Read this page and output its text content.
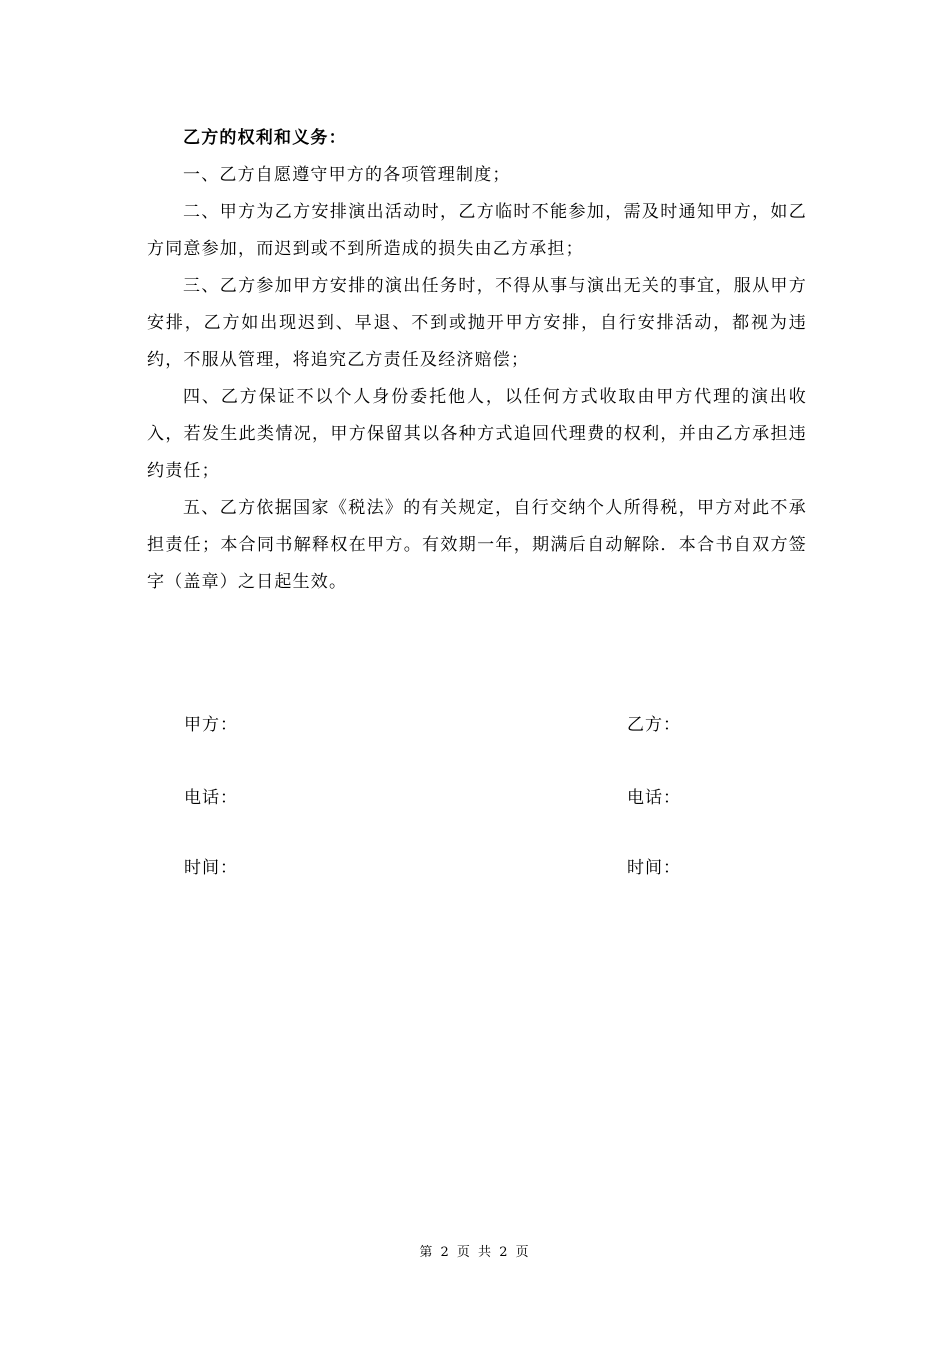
乙方的权利和义务：

一、乙方自愿遵守甲方的各项管理制度；

二、甲方为乙方安排演出活动时，乙方临时不能参加，需及时通知甲方，如乙方同意参加，而迟到或不到所造成的损失由乙方承担；

三、乙方参加甲方安排的演出任务时，不得从事与演出无关的事宜，服从甲方安排，乙方如出现迟到、早退、不到或抛开甲方安排，自行安排活动，都视为违约，不服从管理，将追究乙方责任及经济赔偿；

四、乙方保证不以个人身份委托他人，以任何方式收取由甲方代理的演出收入，若发生此类情况，甲方保留其以各种方式追回代理费的权利，并由乙方承担违约责任；

五、乙方依据国家《税法》的有关规定，自行交纳个人所得税，甲方对此不承担责任；本合同书解释权在甲方。有效期一年，期满后自动解除．本合书自双方签字（盖章）之日起生效。

甲方：	乙方：
电话：	电话：
时间：	时间：
第 2 页 共 2 页
